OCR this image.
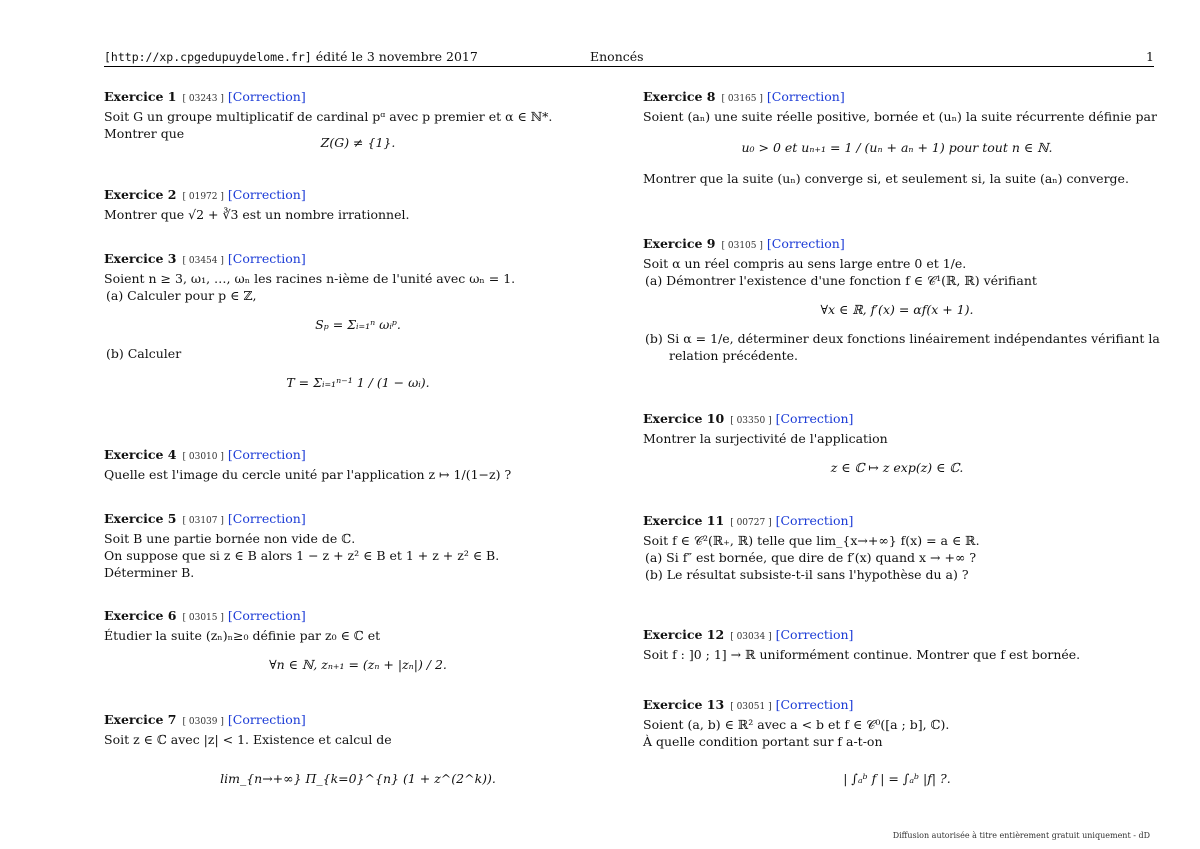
[http://xp.cpgedupuydelome.fr] édité le 3 novembre 2017	Enoncés	1
Exercice 1 [ 03243 ] [ Correction ]
Soit G un groupe multiplicatif de cardinal pᵅ avec p premier et α ∈ ℕ*.
Montrer que
Z(G) ≠ {1}.
Exercice 2 [ 01972 ] [ Correction ]
Montrer que √2 + ∛3 est un nombre irrationnel.
Exercice 3 [ 03454 ] [ Correction ]
Soient n ≥ 3, ω₁, …, ωₙ les racines n-ième de l'unité avec ωₙ = 1.
(a) Calculer pour p ∈ ℤ,
Sₚ = Σᵢ₌₁ⁿ ωᵢᵖ.
(b) Calculer
T = Σᵢ₌₁ⁿ⁻¹ 1 / (1 − ωᵢ).
Exercice 4 [ 03010 ] [ Correction ]
Quelle est l'image du cercle unité par l'application z ↦ 1/(1−z) ?
Exercice 5 [ 03107 ] [ Correction ]
Soit B une partie bornée non vide de ℂ.
On suppose que si z ∈ B alors 1 − z + z² ∈ B et 1 + z + z² ∈ B.
Déterminer B.
Exercice 6 [ 03015 ] [ Correction ]
Étudier la suite (zₙ)ₙ≥₀ définie par z₀ ∈ ℂ et
∀n ∈ ℕ, zₙ₊₁ = (zₙ + |zₙ|) / 2.
Exercice 7 [ 03039 ] [ Correction ]
Soit z ∈ ℂ avec |z| < 1. Existence et calcul de
lim_{n→+∞} Π_{k=0}^{n} (1 + z^(2^k)).
Exercice 8 [ 03165 ] [ Correction ]
Soient (aₙ) une suite réelle positive, bornée et (uₙ) la suite récurrente définie par
u₀ > 0 et uₙ₊₁ = 1 / (uₙ + aₙ + 1) pour tout n ∈ ℕ.
Montrer que la suite (uₙ) converge si, et seulement si, la suite (aₙ) converge.
Exercice 9 [ 03105 ] [ Correction ]
Soit α un réel compris au sens large entre 0 et 1/e.
(a) Démontrer l'existence d'une fonction f ∈ 𝒞¹(ℝ, ℝ) vérifiant
∀x ∈ ℝ, f′(x) = αf(x + 1).
(b) Si α = 1/e, déterminer deux fonctions linéairement indépendantes vérifiant la
relation précédente.
Exercice 10 [ 03350 ] [ Correction ]
Montrer la surjectivité de l'application
z ∈ ℂ ↦ z exp(z) ∈ ℂ.
Exercice 11 [ 00727 ] [ Correction ]
Soit f ∈ 𝒞²(ℝ₊, ℝ) telle que lim_{x→+∞} f(x) = a ∈ ℝ.
(a) Si f″ est bornée, que dire de f′(x) quand x → +∞ ?
(b) Le résultat subsiste-t-il sans l'hypothèse du a) ?
Exercice 12 [ 03034 ] [ Correction ]
Soit f : ]0 ; 1] → ℝ uniformément continue. Montrer que f est bornée.
Exercice 13 [ 03051 ] [ Correction ]
Soient (a, b) ∈ ℝ² avec a < b et f ∈ 𝒞⁰([a ; b], ℂ).
À quelle condition portant sur f a-t-on
| ∫ₐᵇ f | = ∫ₐᵇ |f| ?.
Diffusion autorisée à titre entièrement gratuit uniquement - dD
